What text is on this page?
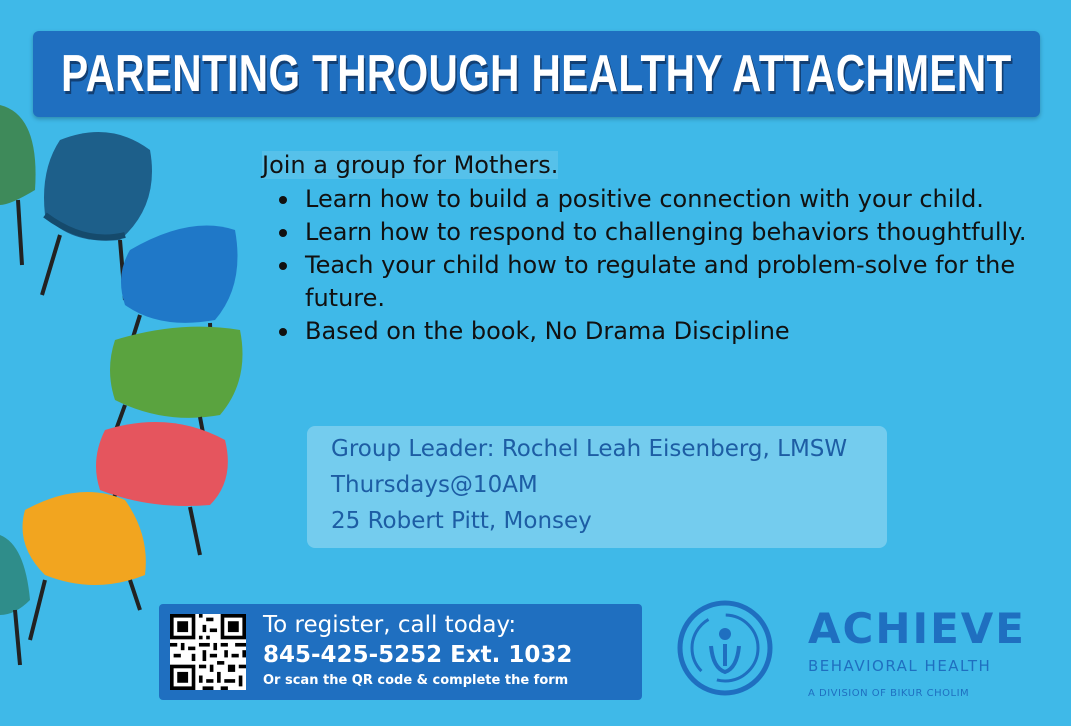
PARENTING THROUGH HEALTHY ATTACHMENT

Join a group for Mothers.

Learn how to build a positive connection with your child.
Learn how to respond to challenging behaviors thoughtfully.
Teach your child how to regulate and problem-solve for the future.
Based on the book, No Drama Discipline
Group Leader: Rochel Leah Eisenberg, LMSW
Thursdays@10AM
25 Robert Pitt, Monsey
To register, call today:
845-425-5252 Ext. 1032
Or scan the QR code & complete the form
ACHIEVE
BEHAVIORAL HEALTH
A DIVISION OF BIKUR CHOLIM
